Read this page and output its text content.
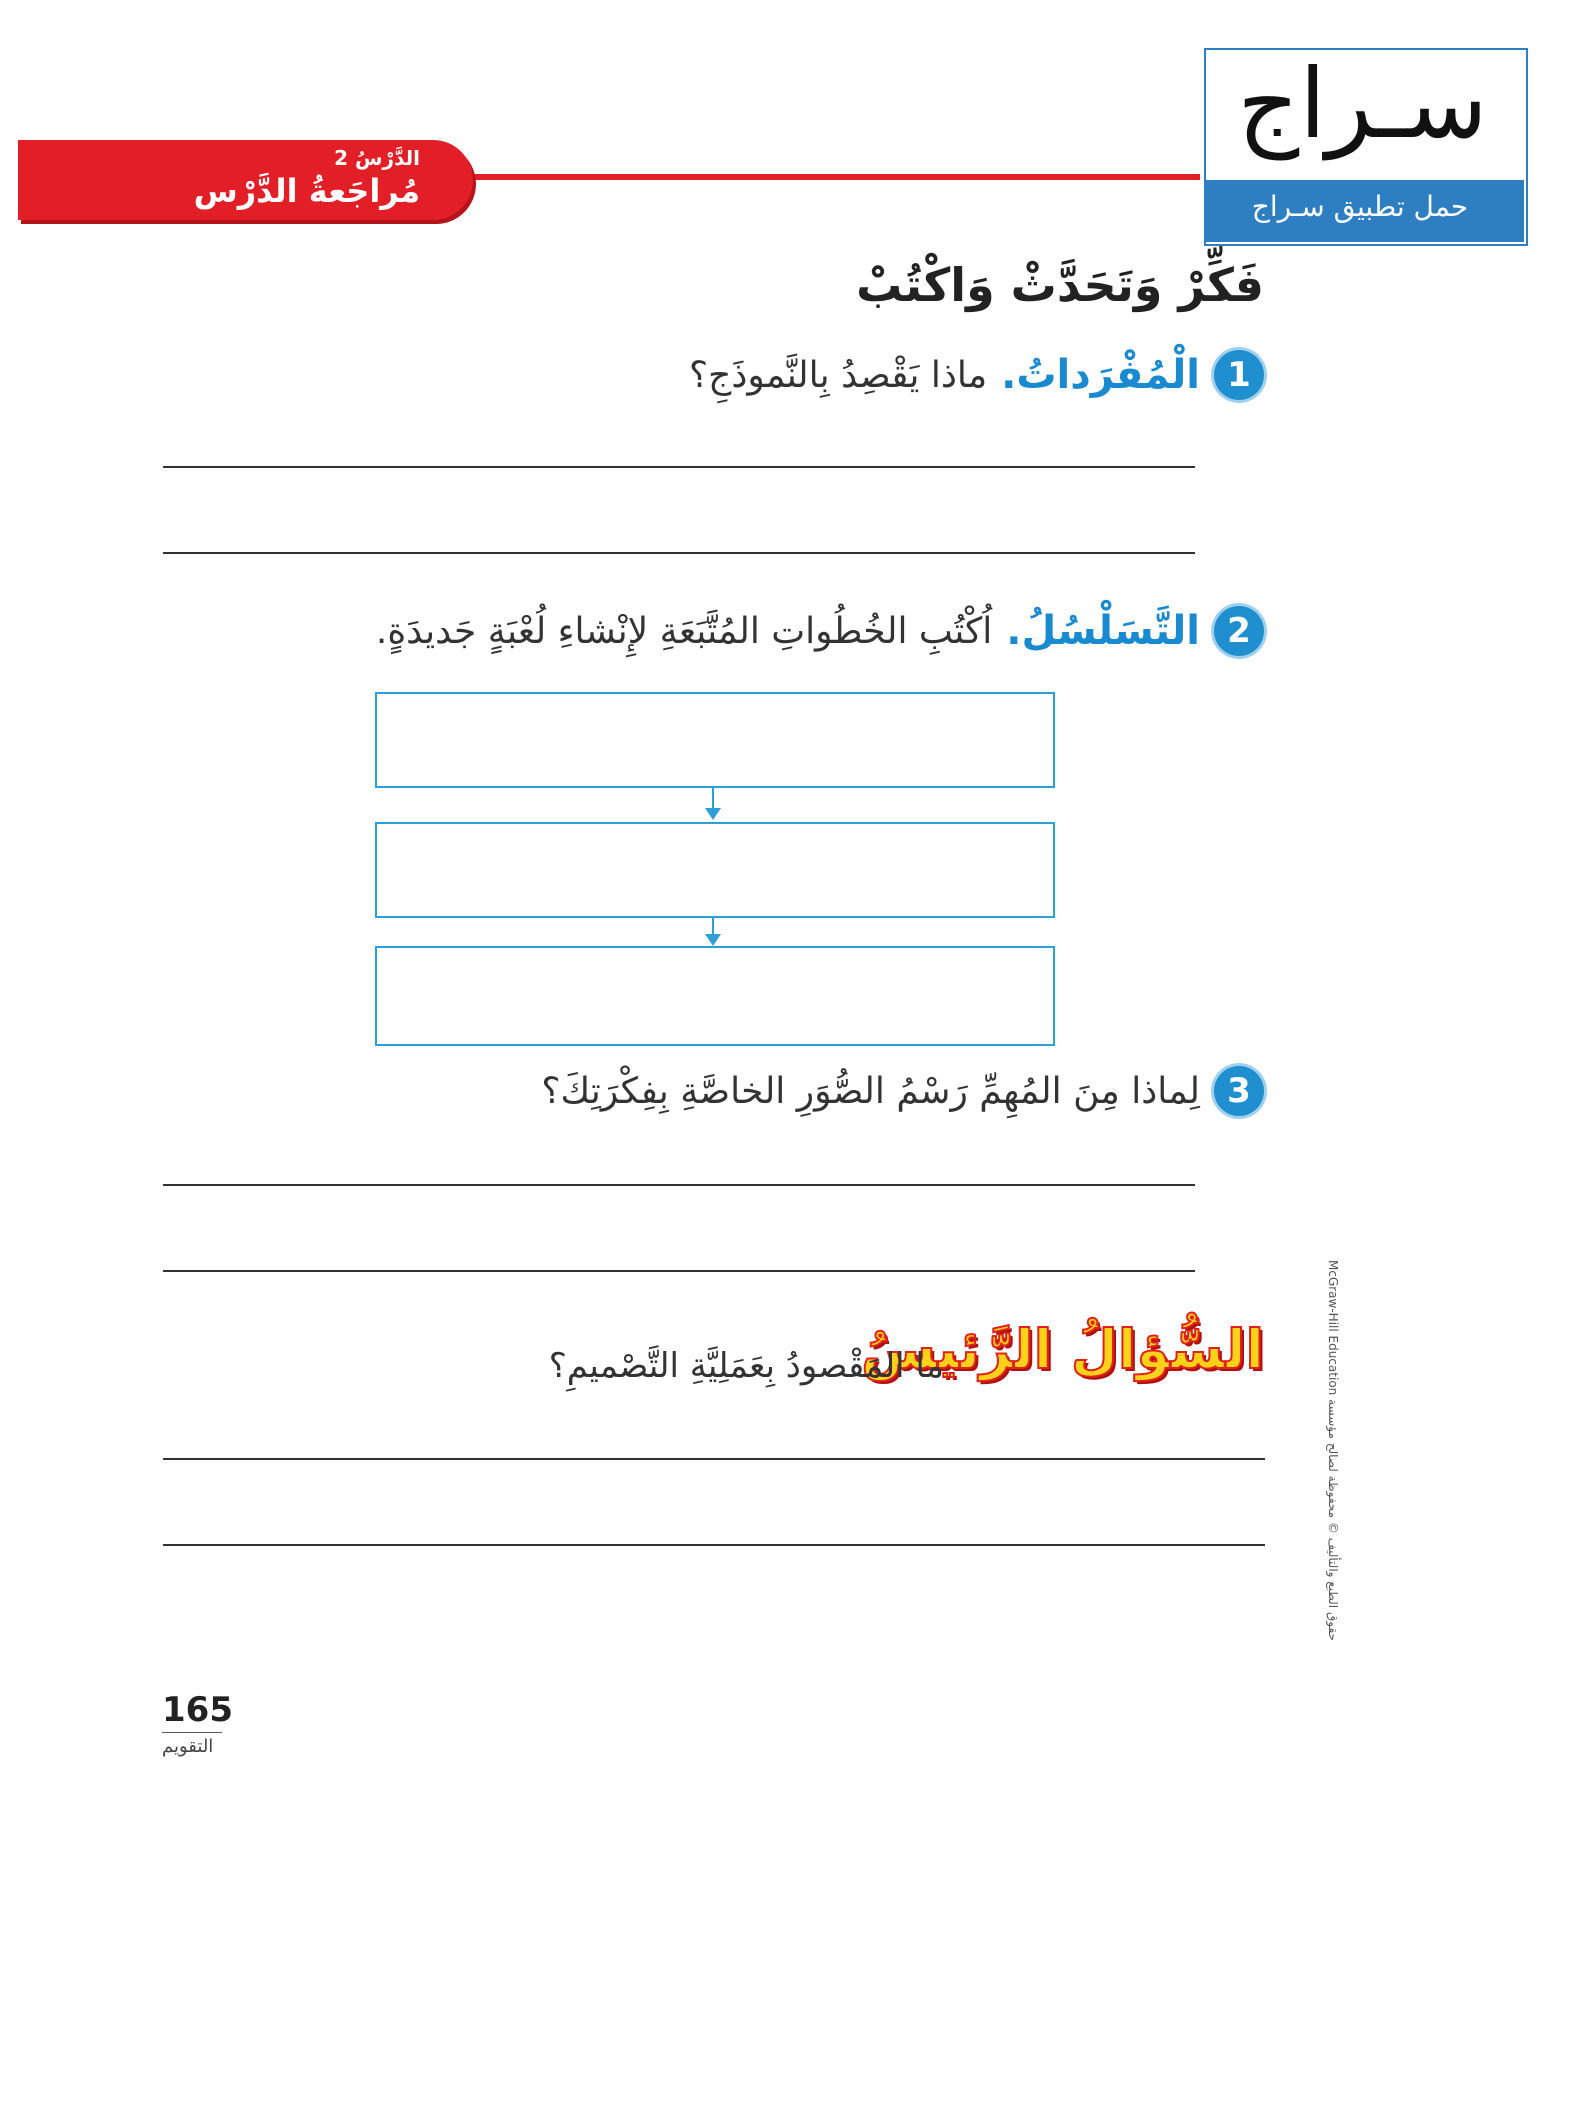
الدَّرْسُ 2
مُراجَعةُ الدَّرْس
سـراج
حمل تطبيق سـراج
فَكِّرْ وَتَحَدَّثْ وَاكْتُبْ
1
الْمُفْرَداتُ.
ماذا يَقْصِدُ بِالنَّموذَجِ؟
2
التَّسَلْسُلُ.
اُكْتُبِ الخُطُواتِ المُتَّبَعَةِ لإِنْشاءِ لُعْبَةٍ جَديدَةٍ.
3
لِماذا مِنَ المُهِمِّ رَسْمُ الصُّوَرِ الخاصَّةِ بِفِكْرَتِكَ؟
السُّؤالُ الرَّئيسُ
ما المَقْصودُ بِعَمَلِيَّةِ التَّصْميمِ؟	McGraw-Hill Education حقوق الطبع والتأليف © محفوظة لصالح مؤسسة
165
التقويم
